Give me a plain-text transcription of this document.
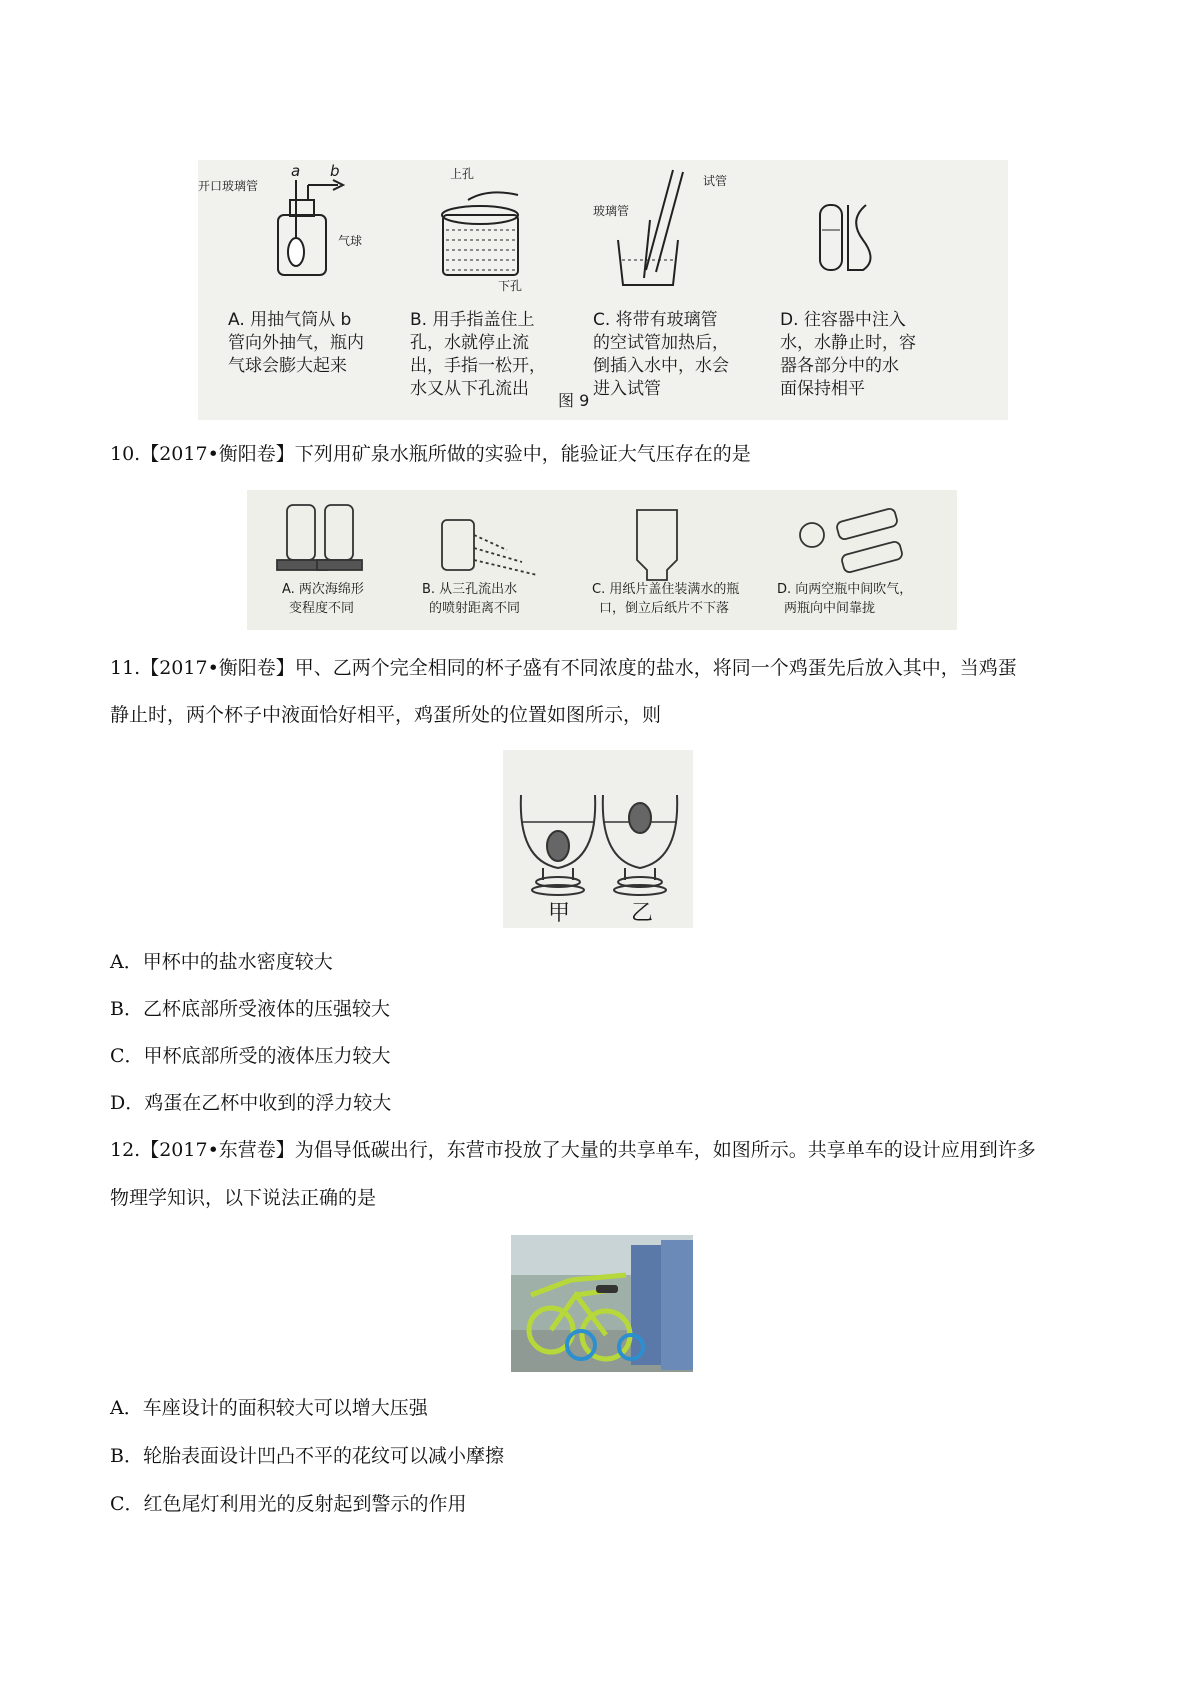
开口玻璃管
a b
气球
A. 用抽气筒从 b
管向外抽气，瓶内
气球会膨大起来
上孔
下孔
B. 用手指盖住上
孔，水就停止流
出，手指一松开，
水又从下孔流出
玻璃管
试管
C. 将带有玻璃管
的空试管加热后，
倒插入水中，水会
进入试管
D. 往容器中注入
水，水静止时，容
器各部分中的水
面保持相平
图 9
10.【2017•衡阳卷】下列用矿泉水瓶所做的实验中，能验证大气压存在的是
A. 两次海绵形
变程度不同
B. 从三孔流出水
的喷射距离不同
C. 用纸片盖住装满水的瓶
口，倒立后纸片不下落
D. 向两空瓶中间吹气，
两瓶向中间靠拢
11.【2017•衡阳卷】甲、乙两个完全相同的杯子盛有不同浓度的盐水，将同一个鸡蛋先后放入其中，当鸡蛋
静止时，两个杯子中液面恰好相平，鸡蛋所处的位置如图所示，则
甲	乙
A．甲杯中的盐水密度较大
B．乙杯底部所受液体的压强较大
C．甲杯底部所受的液体压力较大
D．鸡蛋在乙杯中收到的浮力较大
12.【2017•东营卷】为倡导低碳出行，东营市投放了大量的共享单车，如图所示。共享单车的设计应用到许多
物理学知识，以下说法正确的是
A．车座设计的面积较大可以增大压强
B．轮胎表面设计凹凸不平的花纹可以减小摩擦
C．红色尾灯利用光的反射起到警示的作用
